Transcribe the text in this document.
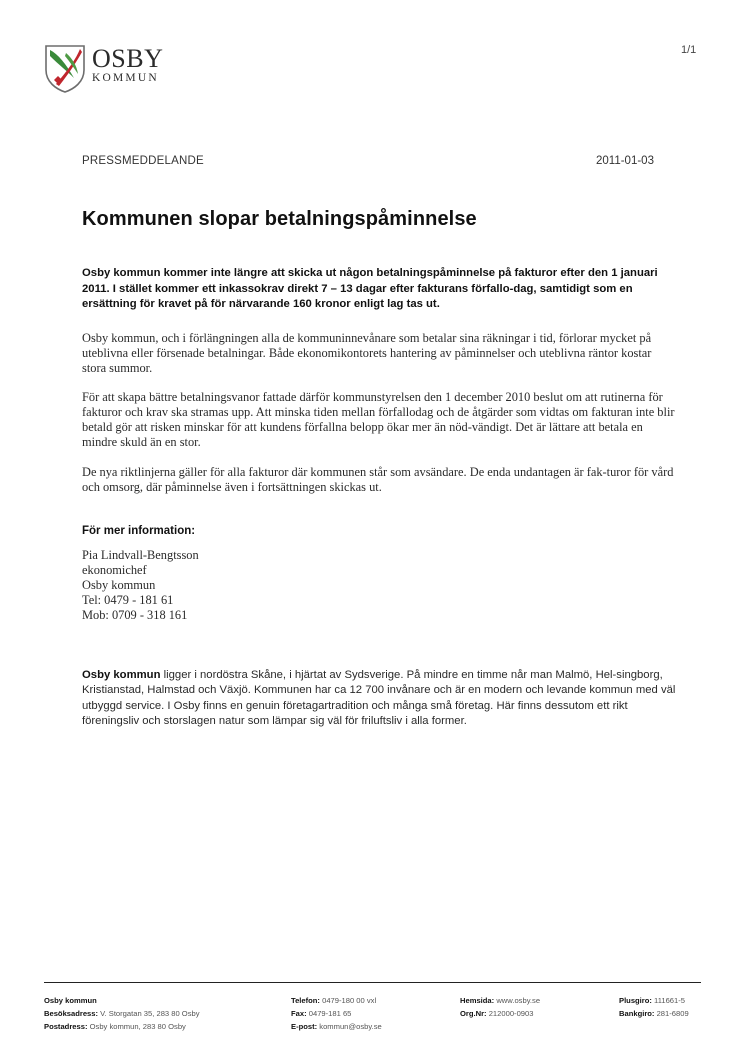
OSBY
KOMMUN
1/1
PRESSMEDDELANDE	2011-01-03
Kommunen slopar betalningspåminnelse
Osby kommun kommer inte längre att skicka ut någon betalningspåminnelse på fakturor efter den 1 januari 2011. I stället kommer ett inkassokrav direkt 7 – 13 dagar efter fakturans förfallo-dag, samtidigt som en ersättning för kravet på för närvarande 160 kronor enligt lag tas ut.
Osby kommun, och i förlängningen alla de kommuninnevånare som betalar sina räkningar i tid, förlorar mycket på uteblivna eller försenade betalningar. Både ekonomikontorets hantering av påminnelser och uteblivna räntor kostar stora summor.
För att skapa bättre betalningsvanor fattade därför kommunstyrelsen den 1 december 2010 beslut om att rutinerna för fakturor och krav ska stramas upp. Att minska tiden mellan förfallodag och de åtgärder som vidtas om fakturan inte blir betald gör att risken minskar för att kundens förfallna belopp ökar mer än nöd-vändigt. Det är lättare att betala en mindre skuld än en stor.
De nya riktlinjerna gäller för alla fakturor där kommunen står som avsändare. De enda undantagen är fak-turor för vård och omsorg, där påminnelse även i fortsättningen skickas ut.
För mer information:
Pia Lindvall-Bengtsson
ekonomichef
Osby kommun
Tel: 0479 - 181 61
Mob: 0709 - 318 161
Osby kommun ligger i nordöstra Skåne, i hjärtat av Sydsverige. På mindre en timme når man Malmö, Hel-singborg, Kristianstad, Halmstad och Växjö. Kommunen har ca 12 700 invånare och är en modern och levande kommun med väl utbyggd service. I Osby finns en genuin företagartradition och många små företag. Här finns dessutom ett rikt föreningsliv och storslagen natur som lämpar sig väl för friluftsliv i alla former.
Osby kommun
Besöksadress: V. Storgatan 35, 283 80 Osby
Postadress: Osby kommun, 283 80 Osby
Telefon: 0479-180 00 vxl
Fax: 0479-181 65
E-post: kommun@osby.se
Hemsida: www.osby.se
Org.Nr: 212000-0903
Plusgiro: 111661-5
Bankgiro: 281-6809
